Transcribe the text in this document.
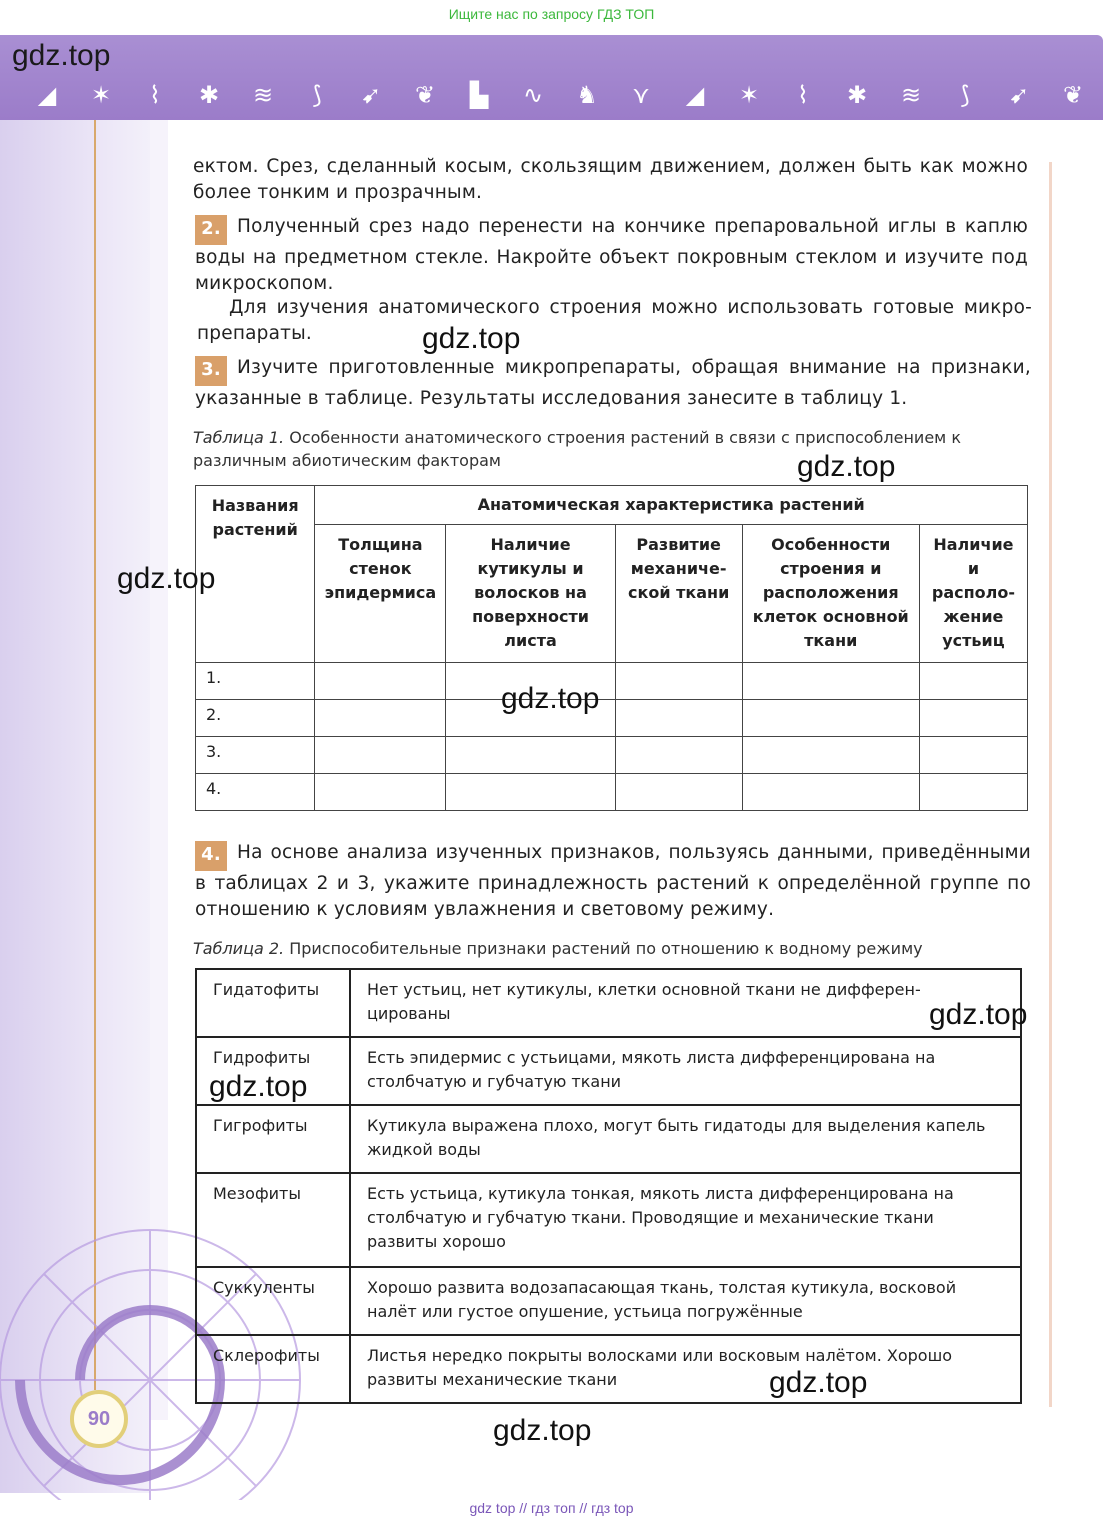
Ищите нас по запросу ГДЗ ТОП
gdz.top
◢	✶	⌇	✱ ≋	⟆	➹ ❦	▙	∿ ♞	⋎	◢	✶	⌇	✱ ≋	⟆	➹ ❦
90
ектом. Срез, сделанный косым, скользящим движением, должен быть как можно более тонким и прозрачным.
2. Полученный срез надо перенести на кончике препаровальной иглы в каплю воды на предметном стекле. Накройте объект покровным стеклом и изучите под микроскопом.
Для изучения анатомического строения можно использовать готовые микро-препараты.
3. Изучите приготовленные микропрепараты, обращая внимание на признаки, указанные в таблице. Результаты исследования занесите в таблицу 1.
Таблица 1. Особенности анатомического строения растений в связи с приспособлением к различным абиотическим факторам
Названия растений	Анатомическая характеристика растений				
	Толщина стенок эпидермиса	Наличие кутикулы и волосков на поверхности листа	Развитие механиче-ской ткани	Особенности строения и расположения клеток основной ткани	Наличие и располо-жение устьиц
1.					
2.					
3.					
4.					
4. На основе анализа изученных признаков, пользуясь данными, приведёнными в таблицах 2 и 3, укажите принадлежность растений к определённой группе по отношению к условиям увлажнения и световому режиму.
Таблица 2. Приспособительные признаки растений по отношению к водному режиму
Гидатофиты	Нет устьиц, нет кутикулы, клетки основной ткани не дифферен-цированы
Гидрофиты	Есть эпидермис с устьицами, мякоть листа дифференцирована на столбчатую и губчатую ткани
Гигрофиты	Кутикула выражена плохо, могут быть гидатоды для выделения капель жидкой воды
Мезофиты	Есть устьица, кутикула тонкая, мякоть листа дифференцирована на столбчатую и губчатую ткани. Проводящие и механические ткани развиты хорошо
Суккуленты	Хорошо развита водозапасающая ткань, толстая кутикула, восковой налёт или густое опушение, устьица погружённые
Склерофиты	Листья нередко покрыты волосками или восковым налётом. Хорошо развиты механические ткани
gdz.top
gdz.top
gdz.top
gdz.top
gdz.top
gdz.top
gdz.top
gdz.top
gdz top // гдз топ // гдз top
